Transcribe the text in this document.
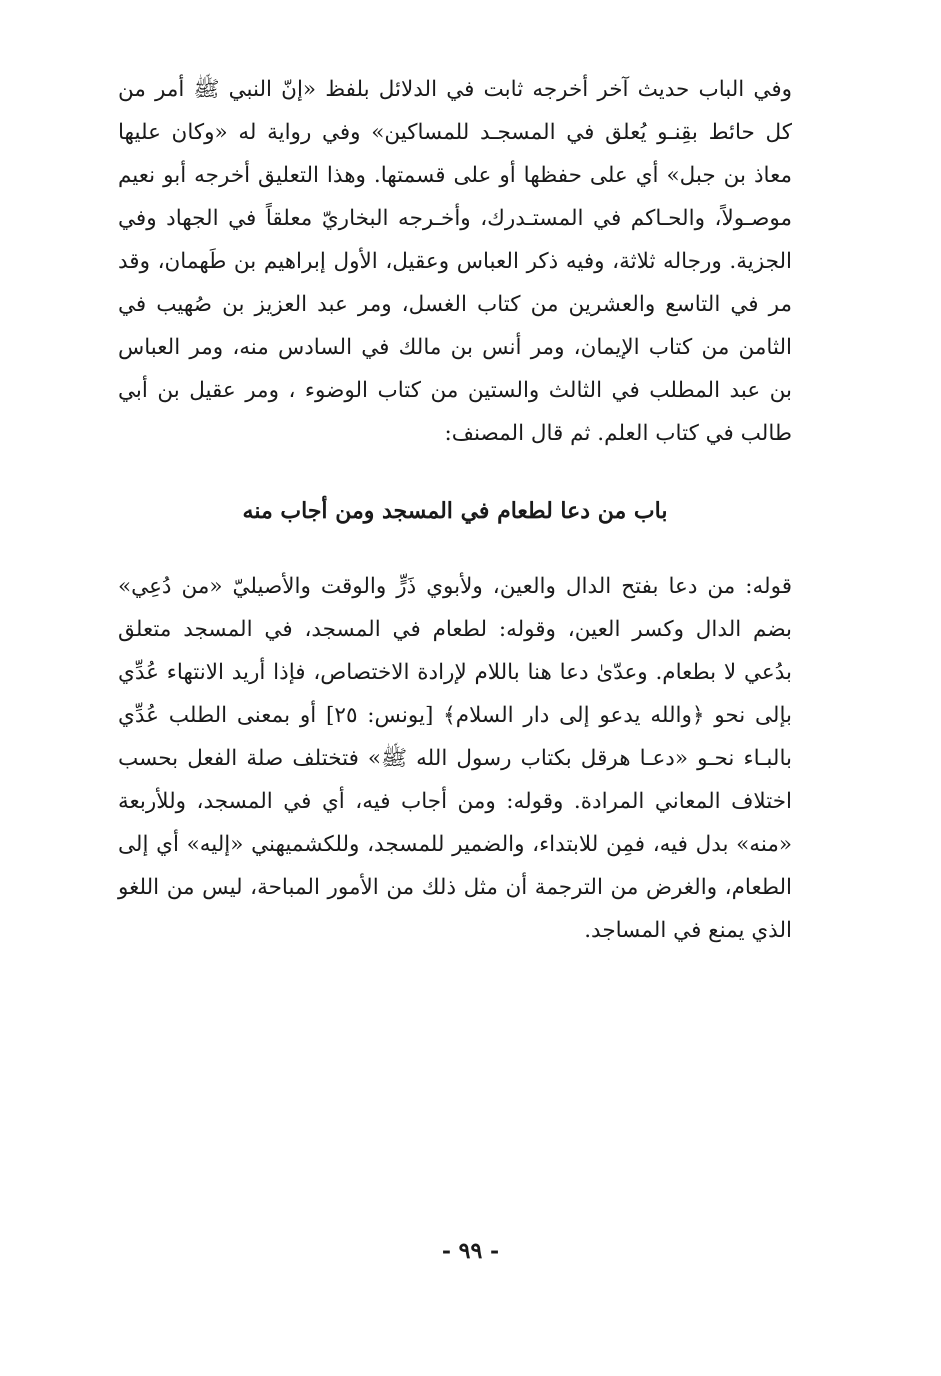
وفي الباب حديث آخر أخرجه ثابت في الدلائل بلفظ «إنّ النبي ﷺ أمر من كل حائط بقِنـو يُعلق في المسجـد للمساكين» وفي رواية له «وكان عليها معاذ بن جبل» أي على حفظها أو على قسمتها. وهذا التعليق أخرجه أبو نعيم موصـولاً، والحـاكم في المستـدرك، وأخـرجه البخاريّ معلقاً في الجهاد وفي الجزية. ورجاله ثلاثة، وفيه ذكر العباس وعقيل، الأول إبراهيم بن طَهمان، وقد مر في التاسع والعشرين من كتاب الغسل، ومر عبد العزيز بن صُهيب في الثامن من كتاب الإيمان، ومر أنس بن مالك في السادس منه، ومر العباس بن عبد المطلب في الثالث والستين من كتاب الوضوء ، ومر عقيل بن أبي طالب في كتاب العلم. ثم قال المصنف:

باب من دعا لطعام في المسجد ومن أجاب منه

قوله: من دعا بفتح الدال والعين، ولأبوي ذَرٍّ والوقت والأصيليّ «من دُعِي» بضم الدال وكسر العين، وقوله: لطعام في المسجد، في المسجد متعلق بدُعي لا بطعام. وعدّىٰ دعا هنا باللام لإرادة الاختصاص، فإذا أريد الانتهاء عُدِّي بإلى نحو ﴿والله يدعو إلى دار السلام﴾ [يونس: ٢٥] أو بمعنى الطلب عُدِّي بالبـاء نحـو «دعـا هرقل بكتاب رسول الله ﷺ» فتختلف صلة الفعل بحسب اختلاف المعاني المرادة. وقوله: ومن أجاب فيه، أي في المسجد، وللأربعة «منه» بدل فيه، فمِن للابتداء، والضمير للمسجد، وللكشميهني «إليه» أي إلى الطعام، والغرض من الترجمة أن مثل ذلك من الأمور المباحة، ليس من اللغو الذي يمنع في المساجد.

- ٩٩ -
